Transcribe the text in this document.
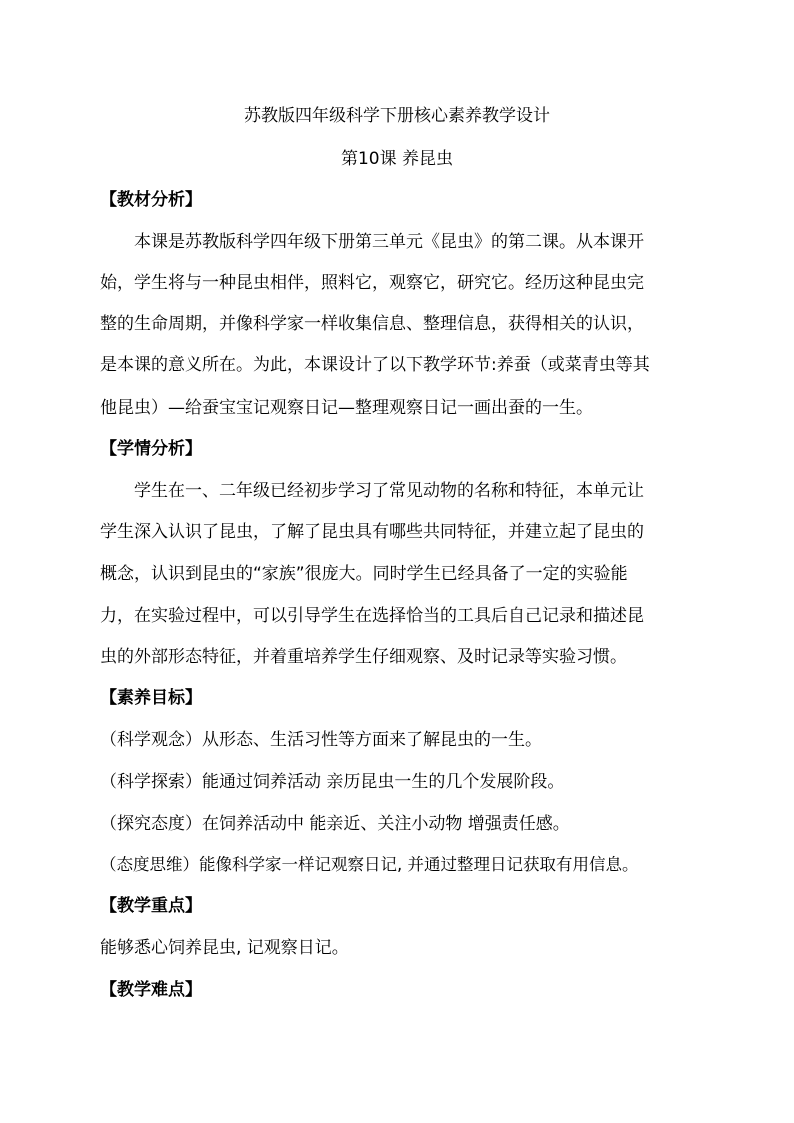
苏教版四年级科学下册核心素养教学设计
第10课 养昆虫
【教材分析】
本课是苏教版科学四年级下册第三单元《昆虫》的第二课。从本课开
始，学生将与一种昆虫相伴，照料它，观察它，研究它。经历这种昆虫完
整的生命周期，并像科学家一样收集信息、整理信息，获得相关的认识，
是本课的意义所在。为此，本课设计了以下教学环节:养蚕（或菜青虫等其
他昆虫）—给蚕宝宝记观察日记—整理观察日记一画出蚕的一生。
【学情分析】
学生在一、二年级已经初步学习了常见动物的名称和特征，本单元让
学生深入认识了昆虫，了解了昆虫具有哪些共同特征，并建立起了昆虫的
概念，认识到昆虫的“家族”很庞大。同时学生已经具备了一定的实验能
力，在实验过程中，可以引导学生在选择恰当的工具后自己记录和描述昆
虫的外部形态特征，并着重培养学生仔细观察、及时记录等实验习惯。
【素养目标】
（科学观念）从形态、生活习性等方面来了解昆虫的一生。
（科学探索）能通过饲养活动 亲历昆虫一生的几个发展阶段。
（探究态度）在饲养活动中 能亲近、关注小动物 增强责任感。
（态度思维）能像科学家一样记观察日记, 并通过整理日记获取有用信息。
【教学重点】
能够悉心饲养昆虫, 记观察日记。
【教学难点】
